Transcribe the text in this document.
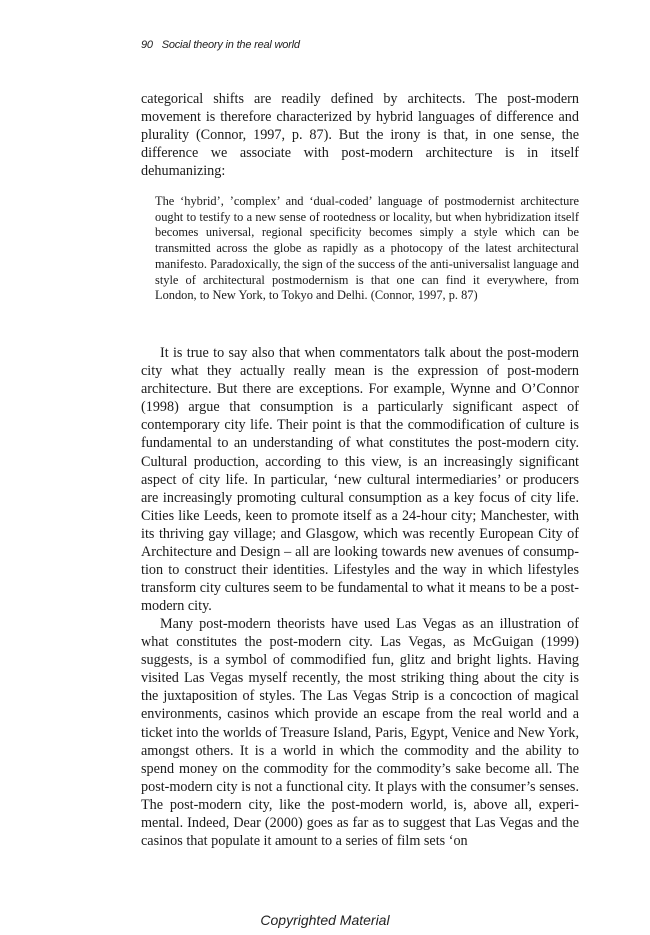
90 Social theory in the real world

categorical shifts are readily defined by architects. The post-modern movement is therefore characterized by hybrid languages of difference and plurality (Connor, 1997, p. 87). But the irony is that, in one sense, the difference we associate with post-modern architecture is in itself dehumanizing:

The ‘hybrid’, ’complex’ and ‘dual-coded’ language of postmodernist architecture ought to testify to a new sense of rootedness or locality, but when hybridization itself becomes universal, regional specificity becomes simply a style which can be transmitted across the globe as rapidly as a photocopy of the latest architectural manifesto. Paradoxically, the sign of the success of the anti-universalist language and style of architectural postmodernism is that one can find it everywhere, from London, to New York, to Tokyo and Delhi. (Connor, 1997, p. 87)

It is true to say also that when commentators talk about the post-modern city what they actually really mean is the expression of post-modern architecture. But there are exceptions. For example, Wynne and O’Connor (1998) argue that consumption is a particularly significant aspect of contemporary city life. Their point is that the commodification of culture is fundamental to an understanding of what constitutes the post-modern city. Cultural production, according to this view, is an increasingly significant aspect of city life. In particular, ‘new cultural intermediaries’ or producers are increasingly promoting cultural consumption as a key focus of city life. Cities like Leeds, keen to promote itself as a 24-hour city; Manchester, with its thriving gay village; and Glasgow, which was recently European City of Architecture and Design – all are looking towards new avenues of consumption to construct their identities. Lifestyles and the way in which lifestyles transform city cultures seem to be fundamental to what it means to be a post-modern city.

Many post-modern theorists have used Las Vegas as an illustration of what constitutes the post-modern city. Las Vegas, as McGuigan (1999) suggests, is a symbol of commodified fun, glitz and bright lights. Having visited Las Vegas myself recently, the most striking thing about the city is the juxtaposition of styles. The Las Vegas Strip is a concoction of magical environments, casinos which provide an escape from the real world and a ticket into the worlds of Treasure Island, Paris, Egypt, Venice and New York, amongst others. It is a world in which the commodity and the ability to spend money on the commodity for the commodity’s sake become all. The post-modern city is not a functional city. It plays with the consumer’s senses. The post-modern city, like the post-modern world, is, above all, experimental. Indeed, Dear (2000) goes as far as to suggest that Las Vegas and the casinos that populate it amount to a series of film sets ‘on

Copyrighted Material
